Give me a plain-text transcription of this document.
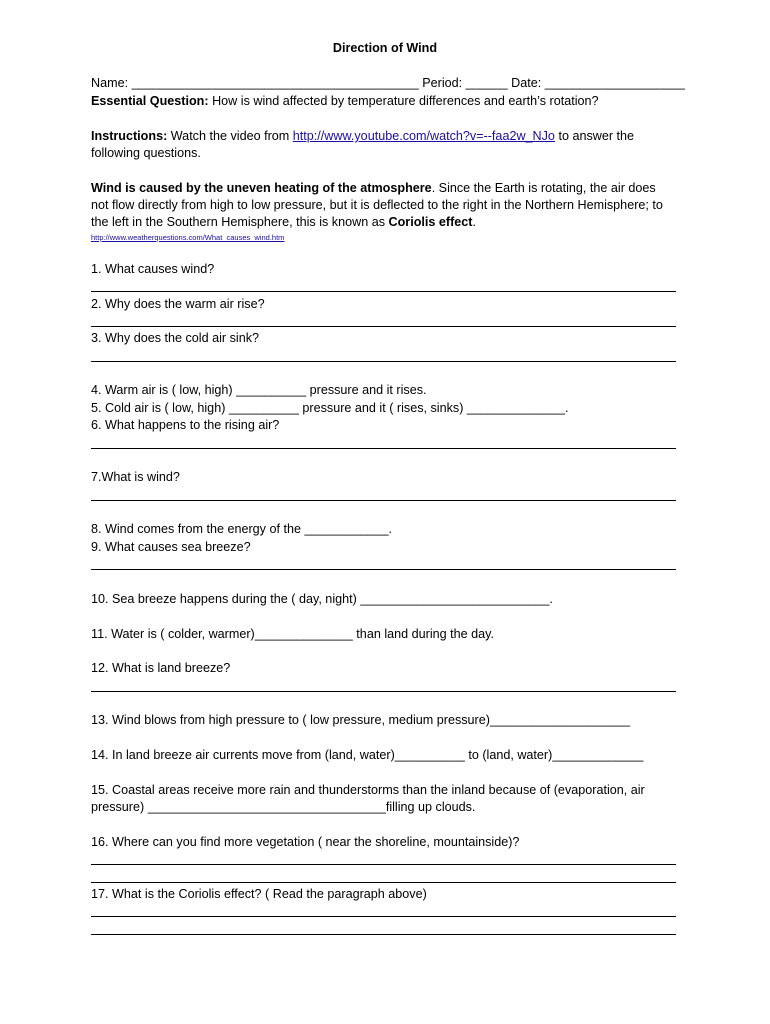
Direction of Wind
Name: _________________________________________ Period: ______ Date: ____________________
Essential Question: How is wind affected by temperature differences and earth’s rotation?
Instructions: Watch the video from http://www.youtube.com/watch?v=--faa2w_NJo to answer the following questions.
Wind is caused by the uneven heating of the atmosphere. Since the Earth is rotating, the air does not flow directly from high to low pressure, but it is deflected to the right in the Northern Hemisphere; to the left in the Southern Hemisphere, this is known as Coriolis effect.
http://www.weatherquestions.com/What_causes_wind.htm
1. What causes wind?
2. Why does the warm air rise?
3. Why does the cold air sink?
4. Warm air is ( low, high) __________ pressure and it rises.
5. Cold air is ( low, high) __________ pressure and it ( rises, sinks) ______________.
6. What happens to the rising air?
7.What is wind?
8. Wind comes from the energy of the ____________.
9. What causes sea breeze?
10. Sea breeze happens during the ( day, night) ___________________________.
11. Water is ( colder, warmer)______________ than land during the day.
12. What is land breeze?
13. Wind blows from high pressure to ( low pressure, medium pressure)____________________
14. In land breeze air currents move from (land, water)__________ to (land, water)_____________
15. Coastal areas receive more rain and thunderstorms than the inland because of (evaporation, air pressure) __________________________________filling up clouds.
16. Where can you find more vegetation ( near the shoreline, mountainside)?
17. What is the Coriolis effect? ( Read the paragraph above)
